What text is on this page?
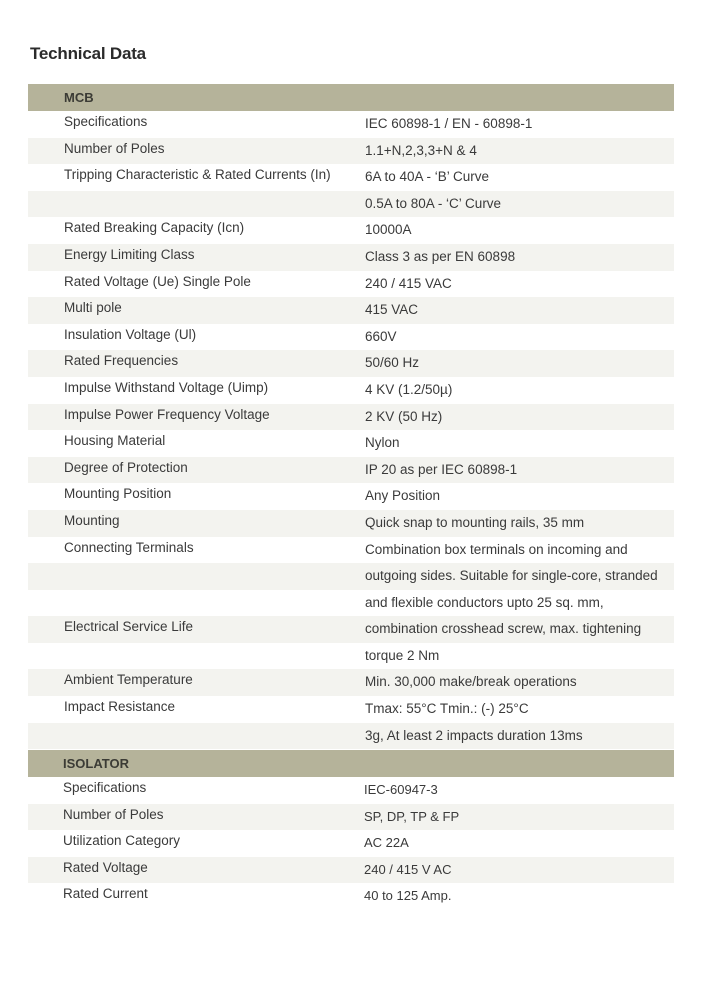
Technical Data
MCB
Specifications	IEC 60898-1 / EN - 60898-1
Number of Poles	1.1+N,2,3,3+N & 4
Tripping Characteristic & Rated Currents (In)	6A to 40A - ‘B’ Curve
0.5A to 80A - ‘C’ Curve
Rated Breaking Capacity (Icn)	10000A
Energy Limiting Class	Class 3 as per EN 60898
Rated Voltage (Ue) Single Pole	240 / 415 VAC
Multi pole	415 VAC
Insulation Voltage (Ul)	660V
Rated Frequencies	50/60 Hz
Impulse Withstand Voltage (Uimp)	4 KV (1.2/50µ)
Impulse Power Frequency Voltage	2 KV (50 Hz)
Housing Material	Nylon
Degree of Protection	IP 20 as per IEC 60898-1
Mounting Position	Any Position
Mounting	Quick snap to mounting rails, 35 mm
Connecting Terminals	Combination box terminals on incoming and
outgoing sides. Suitable for single-core, stranded
and flexible conductors upto 25 sq. mm,
Electrical Service Life	combination crosshead screw, max. tightening
torque 2 Nm
Ambient Temperature	Min. 30,000 make/break operations
Impact Resistance	Tmax: 55°C Tmin.: (-) 25°C
3g, At least 2 impacts duration 13ms
ISOLATOR
Specifications	IEC-60947-3
Number of Poles	SP, DP, TP & FP
Utilization Category	AC 22A
Rated Voltage	240 / 415 V AC
Rated Current	40 to 125 Amp.
